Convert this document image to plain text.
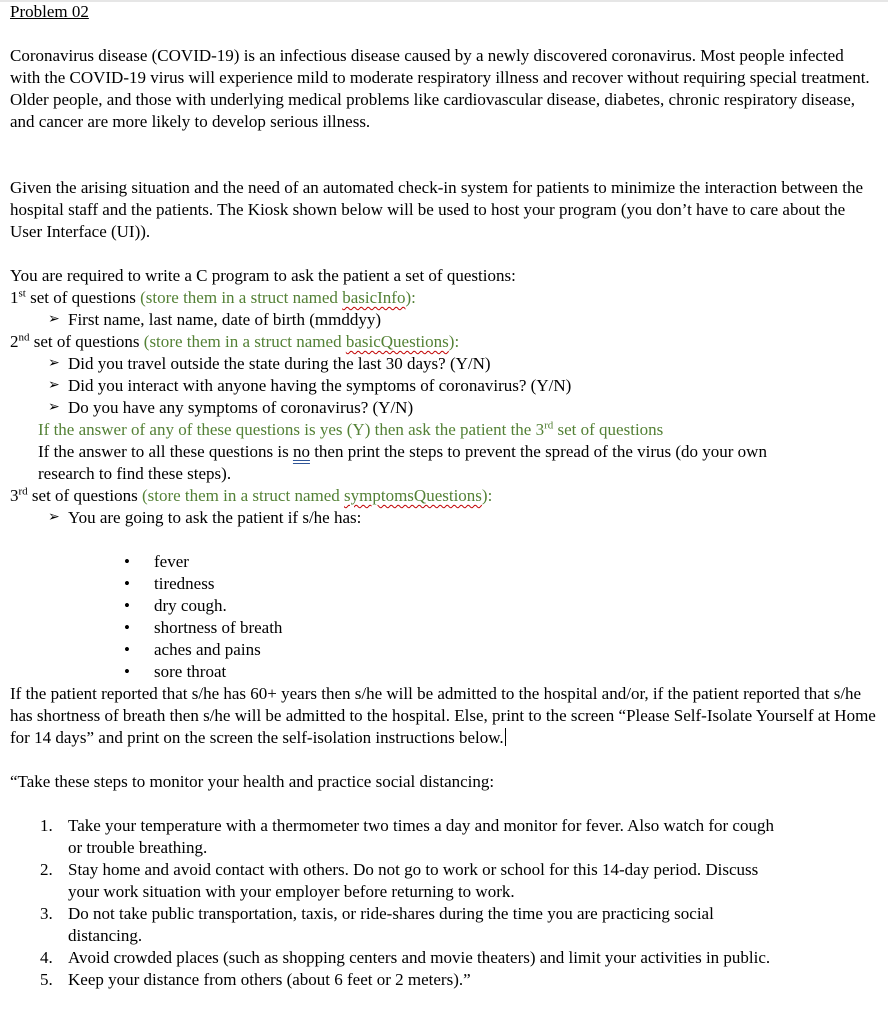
Problem 02

Coronavirus disease (COVID-19) is an infectious disease caused by a newly discovered coronavirus. Most people infected with the COVID-19 virus will experience mild to moderate respiratory illness and recover without requiring special treatment. Older people, and those with underlying medical problems like cardiovascular disease, diabetes, chronic respiratory disease, and cancer are more likely to develop serious illness.

Given the arising situation and the need of an automated check-in system for patients to minimize the interaction between the hospital staff and the patients. The Kiosk shown below will be used to host your program (you don’t have to care about the User Interface (UI)).

You are required to write a C program to ask the patient a set of questions:

1st set of questions (store them in a struct named basicInfo):

➢ First name, last name, date of birth (mmddyy)

2nd set of questions (store them in a struct named basicQuestions):

➢ Did you travel outside the state during the last 30 days? (Y/N)

➢ Did you interact with anyone having the symptoms of coronavirus? (Y/N)

➢ Do you have any symptoms of coronavirus? (Y/N)

If the answer of any of these questions is yes (Y) then ask the patient the 3rd set of questions

If the answer to all these questions is no then print the steps to prevent the spread of the virus (do your own

research to find these steps).

3rd set of questions (store them in a struct named symptomsQuestions):

➢ You are going to ask the patient if s/he has:

• fever
• tiredness
• dry cough.
• shortness of breath
• aches and pains
• sore throat

If the patient reported that s/he has 60+ years then s/he will be admitted to the hospital and/or, if the patient reported that s/he has shortness of breath then s/he will be admitted to the hospital. Else, print to the screen “Please Self-Isolate Yourself at Home for 14 days” and print on the screen the self-isolation instructions below.

“Take these steps to monitor your health and practice social distancing:

1. Take your temperature with a thermometer two times a day and monitor for fever. Also watch for cough
or trouble breathing.
2. Stay home and avoid contact with others. Do not go to work or school for this 14-day period. Discuss
your work situation with your employer before returning to work.
3. Do not take public transportation, taxis, or ride-shares during the time you are practicing social
distancing.
4. Avoid crowded places (such as shopping centers and movie theaters) and limit your activities in public.
5. Keep your distance from others (about 6 feet or 2 meters).”
